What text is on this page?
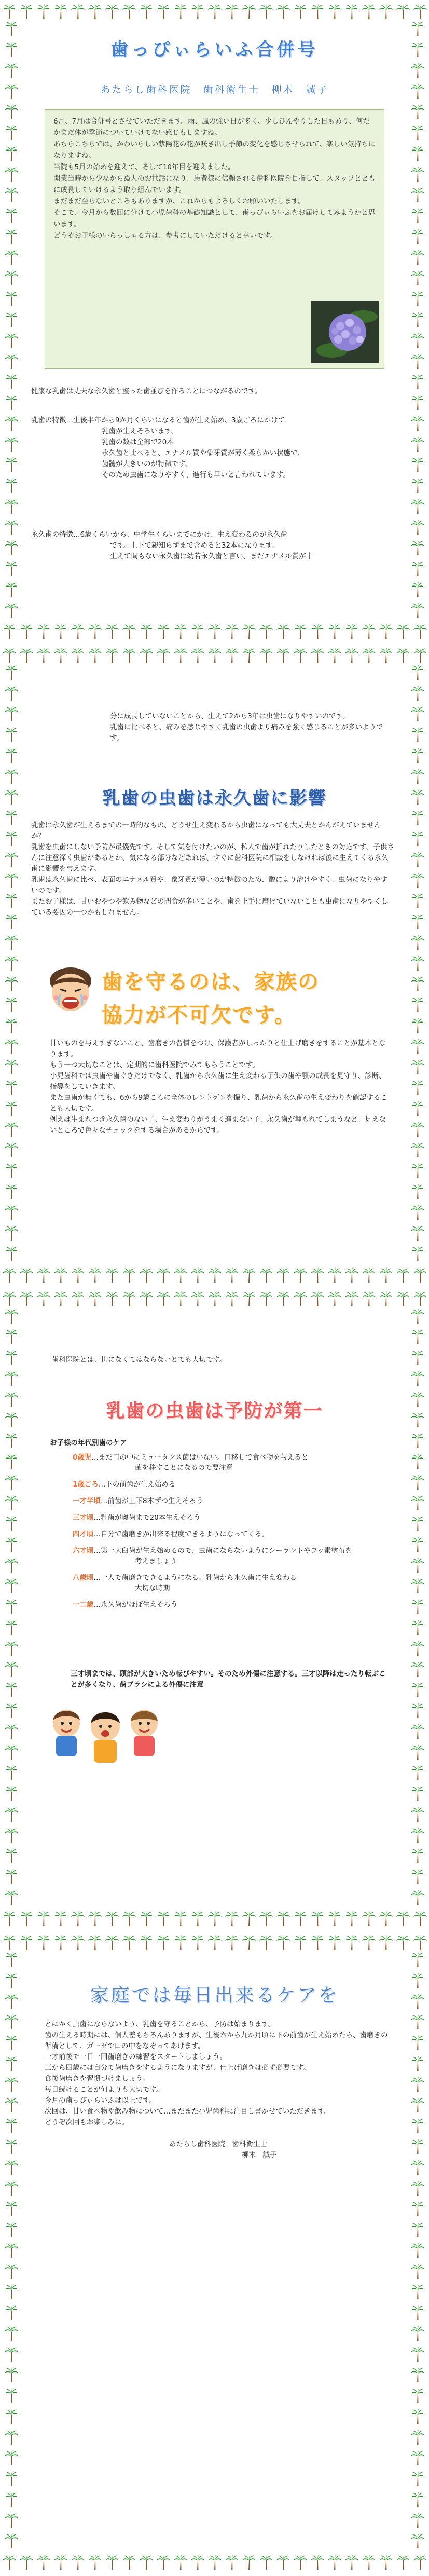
歯っぴぃらいふ合併号
あたらし歯科医院　歯科衛生士　柳木　誠子

6月、7月は合併号とさせていただきます。雨、風の強い日が多く、少しひんやりした日もあり、何だかまだ体が季節についていけてない感じもしますね。
あちらこちらでは、かわいらしい紫陽花の花が咲き出し季節の変化を感じさせられて、楽しい気持ちになりますね。
当院も5月の始めを迎えて、そして10年目を迎えました。
開業当時から少なからぬ人のお世話になり、患者様に信頼される歯科医院を目指して、スタッフとともに成長していけるよう取り組んでいます。
まだまだ至らないところもありますが、これからもよろしくお願いいたします。
そこで、今月から数回に分けて小児歯科の基礎知識として、歯っぴぃらいふをお届けしてみようかと思います。
どうぞお子様のいらっしゃる方は、参考にしていただけると幸いです。

健康な乳歯は丈夫な永久歯と整った歯並びを作ることにつながるのです。

乳歯の特徴…生後半年から9か月くらいになると歯が生え始め、3歳ごろにかけて

乳歯が生えそろいます。

乳歯の数は全部で20本

永久歯と比べると、エナメル質や象牙質が薄く柔らかい状態で、

歯髄が大きいのが特徴です。

そのため虫歯になりやすく、進行も早いと言われています。

永久歯の特徴…6歳くらいから、中学生くらいまでにかけ、生え変わるのが永久歯

です。上下で親知らずまで含めると32本になります。

生えて間もない永久歯は幼若永久歯と言い、まだエナメル質が十

分に成長していないことから、生えて2から3年は虫歯になりやすいのです。
乳歯に比べると、痛みを感じやすく乳歯の虫歯より痛みを強く感じることが多いようです。

乳歯の虫歯は永久歯に影響

乳歯は永久歯が生えるまでの一時的なもの、どうせ生え変わるから虫歯になっても大丈夫とかんがえていませんか？
乳歯を虫歯にしない予防が最優先です。そして気を付けたいのが、私人で歯が折れたりしたときの対応です。子供さんに注意深く虫歯があるとか、気になる部分などあれば、すぐに歯科医院に相談をしなければ後に生えてくる永久歯に影響を与えます。
乳歯は永久歯に比べ、表面のエナメル質や、象牙質が薄いのが特徴のため、酸により溶けやすく、虫歯になりやすいのです。
またお子様は、甘いおやつや飲み物などの間食が多いことや、歯を上手に磨けていないことも虫歯になりやすくしている要因の一つかもしれません。

歯を守るのは、家族の
協力が不可欠です。

甘いものを与えすぎないこと、歯磨きの習慣をつけ、保護者がしっかりと仕上げ磨きをすることが基本となります。
もう一つ大切なことは、定期的に歯科医院でみてもらうことです。
小児歯科では虫歯や歯ぐきだけでなく、乳歯から永久歯に生え変わる子供の歯や顎の成長を見守り、診断、指導をしていきます。
また虫歯が無くても、6から9歳ころに全体のレントゲンを撮り、乳歯から永久歯の生え変わりを確認することも大切です。
例えば生まれつき永久歯のない子、生え変わりがうまく進まない子、永久歯が埋もれてしまうなど、見えないところで色々なチェックをする場合があるからです。

歯科医院とは、世になくてはならないとても大切です。

乳歯の虫歯は予防が第一

お子様の年代別歯のケア

0歳児…まだ口の中にミュータンス菌はいない。口移しで食べ物を与えると

菌を移すことになるので要注意

1歳ごろ…下の前歯が生え始める

一才半頃…前歯が上下8本ずつ生えそろう

三才頃…乳歯が奥歯まで20本生えそろう

四才頃…自分で歯磨きが出来る程度できるようになってくる。

六才頃…第一大臼歯が生え始めるので、虫歯にならないようにシーラントやフッ素塗布を

考えましょう

八歳頃…一人で歯磨きできるようになる。乳歯から永久歯に生え変わる

大切な時期

一二歳…永久歯がほぼ生えそろう

三才頃までは、頭部が大きいため転びやすい。そのため外傷に注意する。三才以降は走ったり転ぶことが多くなり、歯ブラシによる外傷に注意

家庭では毎日出来るケアを

とにかく虫歯にならないよう、乳歯を守ることから、予防は始まります。
歯の生える時期には、個人差もちろんありますが、生後六から九か月頃に下の前歯が生え始めたら、歯磨きの準備として、ガーゼで口の中をなぞってあげます。
一才前後で一日一回歯磨きの練習をスタートしましょう。
三から四歳には自分で歯磨きをするようになりますが、仕上げ磨きは必ず必要です。
食後歯磨きを習慣づけましょう。
毎日続けることが何よりも大切です。
今月の歯っぴぃらいふは以上です。
次回は、甘い食べ物や飲み物について…まだまだ小児歯科に注目し書かせていただきます。
どうぞ次回もお楽しみに。

あたらし歯科医院　歯科衛生士

柳木　誠子
